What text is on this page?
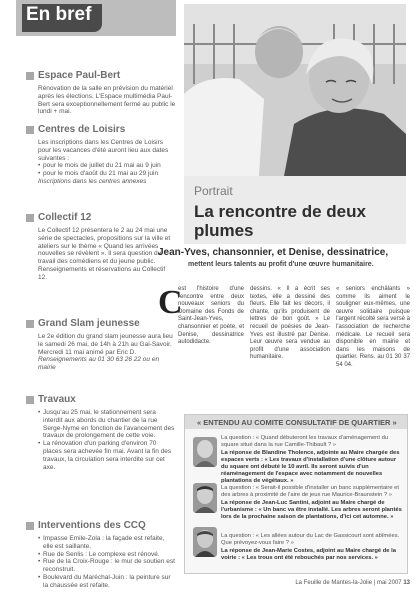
En bref
Espace Paul-Bert
Rénovation de la salle en prévision du matériel après les élections. L'Espace multimédia Paul-Bert sera exceptionnellement fermé au public le lundi + mai.
Centres de Loisirs
Les inscriptions dans les Centres de Loisirs pour les vacances d'été auront lieu aux dates suivantes :
• pour le mois de juillet du 21 mai au 9 juin
• pour le mois d'août du 21 mai au 29 juin
Inscriptions dans les centres annexes
Collectif 12
Le Collectif 12 présentera le 2 au 24 mai une série de spectacles, propositions sur la ville et ateliers sur le thème « Quand les arrivées nouvelles se révèlent ». Il sera question du travail des comédiens et du jeune public. Renseignements et réservations au Collectif 12.
Grand Slam jeunesse
Le 2e édition du grand slam jeunesse aura lieu le samedi 26 mai, de 14h à 21h au Gai-Savoir. Mercredi 11 mai animé par Eric D.
Renseignements au 01 30 63 26 22 ou en mairie
Travaux
• Jusqu'au 25 mai, le stationnement sera interdit aux abords du chantier de la rue Serge-Nyme en fonction de l'avancement des travaux de prolongement de cette voie.
• La rénovation d'un parking d'environ 70 places sera achevée fin mai. Avant la fin des travaux, la circulation sera interdite sur cet axe.
Interventions des CCQ
• Impasse Emile-Zola : la façade est refaite, elle est saillante.
• Rue de Senlis : Le complexe est rénové.
• Rue de la Croix-Rouge : le mur de soutien est reconstruit.
• Boulevard du Maréchal-Juin : la peinture sur la chaussée est refaite.
Portrait
La rencontre de deux plumes
Jean-Yves, chansonnier, et Denise, dessinatrice,
mettent leurs talents au profit d'une œuvre humanitaire.
C
est l'histoire d'une rencontre entre deux nouveaux seniors du Domaine des Fonds de Saint-Jean-Yves, chansonnier et poète, et Denise, dessinatrice autodidacte.
dessins. « Il a écrit ses textes, elle a dessiné des fleurs. Elle fait les décors, il chante, qu'ils produisent de lettres de bon goût. » Le recueil de poésies de Jean-Yves est illustré par Denise. Leur œuvre sera vendue au profit d'une association humanitaire.
« seniors enchâlants » comme ils aiment le souligner eux-mêmes, une œuvre solidaire puisque l'argent récolté sera versé à l'association de recherche médicale. Le recueil sera disponible en mairie et dans les maisons de quartier. Rens. au 01 30 37 54 04.
« ENTENDU AU COMITE CONSULTATIF DE QUARTIER »
La question : « Quand débuteront les travaux d'aménagement du square situé dans la rue Camille-Thibault ? »
La réponse de Blandine Tholence, adjointe au Maire chargée des espaces verts : « Les travaux d'installation d'une clôture autour du square ont débuté le 10 avril. Ils seront suivis d'un réaménagement de l'espace avec notamment de nouvelles plantations de végétaux. »
La question : « Serait-il possible d'installer un banc supplémentaire et des arbres à proximité de l'aire de jeux rue Maurice-Braunstein ? »
La réponse de Jean-Luc Santini, adjoint au Maire chargé de l'urbanisme : « Un banc va être installé. Les arbres seront plantés lors de la prochaine saison de plantations, d'ici cet automne. »
La question : « Les allées autour du Lac de Gassicourt sont abîmées. Que prévoyez-vous faire ? »
La réponse de Jean-Marie Costes, adjoint au Maire chargé de la voirie : « Les trous ont été rebouchés par nos services. »
La Feuille de Mantes-la-Jolie | mai 2007 13
